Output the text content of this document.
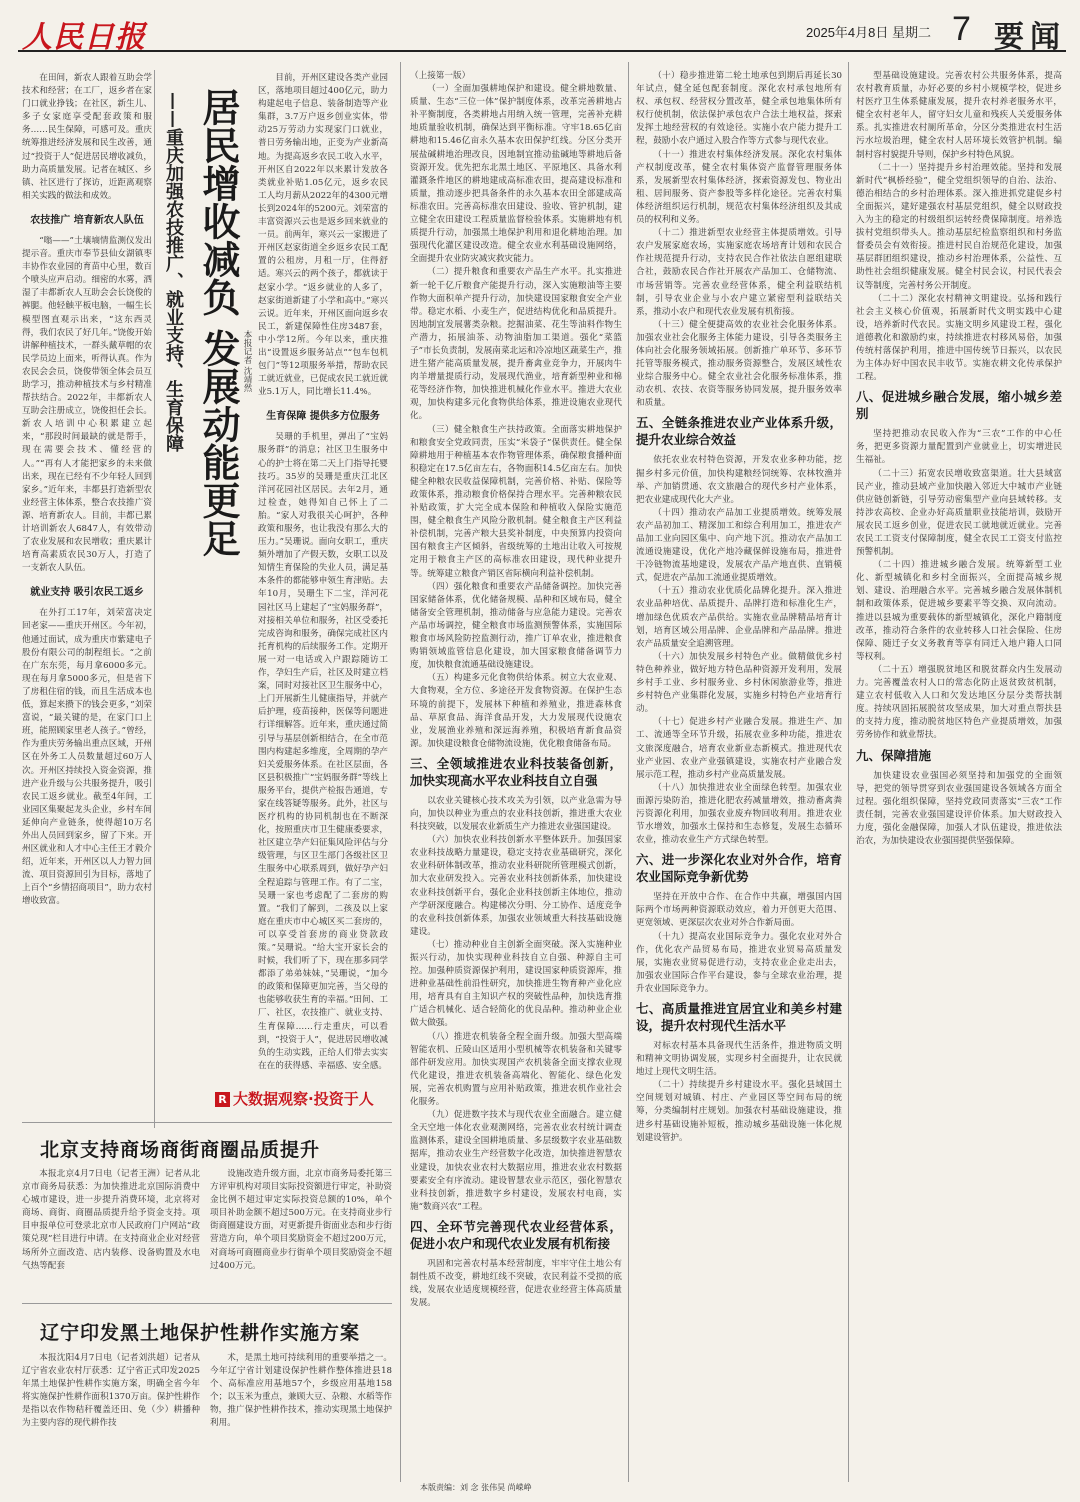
人民日报	2025年4月8日 星期二 7 要闻

在田间，新农人跟着互助会学技术和经营；在工厂，返乡者在家门口就业挣钱；在社区，新生儿、多子女家庭享受配套政策和服务……民生保障，可感可及。重庆统筹推进经济发展和民生改善，通过“投资于人”促进居民增收减负，助力高质量发展。记者在城区、乡镇、社区进行了探访，近距离观察相关实践的做法和成效。

农技推广 培育新农人队伍

“嗡——”土壤墒情监测仪发出提示音。重庆市奉节县仙女湖镇枣丰协作农业园的育苗中心里，数百个喷头应声启动。细密的水雾，洒湿了丰都新农人互助会会长饶俊的裤腿。他轻触平板电脑，一幅生长模型图直观示出来，“这东西灵得，我们农民了好几年。”饶俊开始讲解种植技术，一群头戴草帽的农民学员边上面来，听得认真。作为农民会会员，饶俊带领全体会员互助学习，推动种植技术与乡村精准帮扶结合。2022年，丰都新农人互助会注册成立，饶俊担任会长。新农人培训中心积累建立起来，“那段时间最缺的就是帮手，现在需要会技术、懂经营的人。”“再有人才能把家乡的未来做出来，现在已经有不少年轻人回到家乡。”近年来，丰都县打造新型农业经营主体体系，整合农技推广资源、培育新农人。目前，丰都已累计培训新农人6847人，有效带动了农业发展和农民增收；重庆累计培育高素质农民30万人，打造了一支新农人队伍。

就业支持 吸引农民工返乡

在外打工17年，刘荣富决定回老家——重庆开州区。今年初，他通过面试，成为重庆市紫建电子股份有限公司的制程组长。“之前在广东东莞，每月拿6000多元。现在每月拿5000多元，但是省下了房租住宿的钱，而且生活成本也低，算起来攒下的钱会更多，”刘荣富说，“最关键的是，在家门口上班，能照顾家里老人孩子。”曾经，作为重庆劳务输出重点区域，开州区在外务工人员数量超过60万人次。开州区持续投入资金资源，推进产业升级与公共服务提升，吸引农民工返乡就业。截至4年间，工业园区集聚起龙头企业，乡村车间延伸向产业链条，使得超10万名外出人员回到家乡，留了下来。开州区就业和人才中心主任王才毅介绍，近年来，开州区以人力智力回流、项目资源回引为目标，落地了上百个“乡情招商项目”，助力农村增收致富。

——重庆加强农技推广、就业支持、生育保障 居民增收减负 发展动能更足 本报记者 沈靖然

目前，开州区建设各类产业园区，落地项目超过400亿元，助力构建起电子信息、装备制造等产业集群，3.7万户返乡创业实体，带动25万劳动力实现家门口就业，普日劳务输出地，正变为产业新高地。为提高返乡农民工收入水平，开州区自2022年以来累计发放各类就业补贴1.05亿元，返乡农民工人均月薪从2022年的4300元增长到2024年的5200元。刘荣富的丰富资源兴云也是返乡回来就业的一员。前两年，寒兴云一家搬进了开州区赵家街道全乡返乡农民工配置的公租房，月租一厅，住得舒适。寒兴云的两个孩子，都就读于赵家小学。“返乡就业的人多了，赵家街道新建了小学和高中。”寒兴云说。近年来，开州区面向返乡农民工，新建保障性住房3487套，中小学12所。今年以来，重庆推出“设置返乡服务站点”“包车包机包门”等12项服务举措，帮助农民工就近就业，已促成农民工就近就业5.1万人，同比增长11.4%。

生育保障 提供多方位服务

吴珊的手机里，弹出了“宝妈服务群”的消息；社区卫生服务中心的护士将在第二天上门指导托婴技巧。35岁的吴珊是重庆江北区洋河花园社区居民。去年2月，通过检查，她得知自己怀上了二胎。“家人对我很关心呵护，各种政策和服务，也让我没有那么大的压力。”吴珊说。面向女职工，重庆频外增加了产假天数，女职工以及知情生育保险的失业人员，满足基本条件的都能够申领生育津贴。去年10月，吴珊生下二宝，洋河花园社区马上建起了“宝妈服务群”，对接相关单位和服务，社区受委托完成咨询和服务，确保完成社区内托育机构的后续服务工作。定期开展一对一电话或入户跟踪随访工作，孕妇生产后，社区及时建立档案，同时对接社区卫生服务中心，上门开展新生儿健康指导，并就产后护理，疫苗接种，医保等问题进行详细解答。近年来，重庆通过简引导与基层创新相结合，在全市范围内构建起多维度，全周期的孕产妇关爱服务体系。在社区层面，各区县积极推广“宝妈服务群”等线上服务平台，提供产检报告通道，专家在线答疑等服务。此外，社区与医疗机构的协同机制也在不断深化，按照重庆市卫生健康委要求，社区建立孕产妇征集风险评估与分级管理，与区卫生部门各级社区卫生服务中心联系周到，做好孕产妇全程追踪与管理工作。有了二宝，吴珊一家也考虑配了二套房的购置。“我们了解到，二孩及以上家庭在重庆市中心城区买二套房的，可以享受首套房的商业贷款政策。”吴珊说。“给大宝开家长会的时候，我们听了下，现在那多同学都添了弟弟妹妹，”吴珊说，“加今的政策和保障更加完善，当父母的也能够收获生育的幸福。”田间、工厂、社区，农技推广、就业支持、生育保障……行走重庆，可以看到，“投资于人”，促进居民增收减负的生动实践，正给人们带去实实在在的获得感、幸福感、安全感。

R 大数据观察·投资于人

（上接第一版）

（一）全面加强耕地保护和建设。健全耕地数量、质量、生态“三位一体”保护制度体系，改革完善耕地占补平衡制度，各类耕地占用纳入统一管理，完善补充耕地质量验收机制，确保达到平衡标准。守牢18.65亿亩耕地和15.46亿亩永久基本农田保护红线。分区分类开展盐碱耕地治理改良，因地制宜推动盐碱地等耕地后备资源开发。优先把东北黑土地区、平原地区、具备水利灌溉条件地区的耕地建成高标准农田，提高建设标准和质量，推动逐步把具备条件的永久基本农田全部建成高标准农田。完善高标准农田建设、验收、管护机制，建立健全农田建设工程质量监督检验体系。实施耕地有机质提升行动，加强黑土地保护利用和退化耕地治理。加强现代化灌区建设改造。健全农业水利基础设施网络，全面提升农业防灾减灾救灾能力。

（二）提升粮食和重要农产品生产水平。扎实推进新一轮千亿斤粮食产能提升行动，深入实施粮油等主要作物大面积单产提升行动，加快建设国家粮食安全产业带。稳定水稻、小麦生产，促进结构优化和品质提升。因地制宜发展薯类杂粮。挖掘油菜、花生等油料作物生产潜力，拓展油茶、动物油脂加工渠道。强化“菜篮子”市长负责制，发展南菜北运和冷凉地区蔬菜生产，推进生猪产能高质量发展，提升畜禽业竞争力，开展肉牛肉羊增量提质行动，发展现代渔业，培育新型种业和棉花等经济作物，加快推进机械化作业水平。推进大农业观，加快构建多元化食物供给体系，推进设施农业现代化。

（三）健全粮食生产扶持政策。全面落实耕地保护和粮食安全党政同责，压实“米袋子”保供责任。健全保障耕地用于种植基本农作物管理体系，确保粮食播种面积稳定在17.5亿亩左右，各物面积14.5亿亩左右。加快健全种粮农民收益保障机制，完善价格、补贴、保险等政策体系，推动粮食价格保持合理水平。完善种粮农民补贴政策，扩大完全成本保险和种植收入保险实施范围，健全粮食生产风险分散机制。健全粮食主产区利益补偿机制，完善产粮大县奖补制度，中央预算内投资向国有粮食主产区倾斜，省级统筹的土地出让收入可按规定用于粮食主产区的高标准农田建设，现代种业提升等。统筹建立粮食产销区省际横向利益补偿机制。

（四）强化粮食和重要农产品储备调控。加快完善国家储备体系，优化储备规模、品种和区域布局，健全储备安全管理机制，推动储备与应急能力建设。完善农产品市场调控，健全粮食市场监测预警体系，实施国际粮食市场风险防控监测行动，推广订单农业，推进粮食购销领域监管信息化建设，加大国家粮食储备调节力度，加快粮食流通基础设施建设。

（五）构建多元化食物供给体系。树立大农业观、大食物观，全方位、多途径开发食物资源。在保护生态环境的前提下，发展林下种植和养殖业，推进森林食品、草原食品、海洋食品开发，大力发展现代设施农业，发展渔业养殖和深远海养殖，积极培育新食品资源。加快建设粮食仓储物流设施，优化粮食储备布局。

三、全领域推进农业科技装备创新，加快实现高水平农业科技自立自强

以农业关键核心技术攻关为引领，以产业急需为导向，加快以种业为重点的农业科技创新，推进重大农业科技突破，以发展农业新质生产力推进农业强国建设。

（六）加快农业科技创新水平整体跃升。加强国家农业科技战略力量建设，稳定支持农业基础研究，深化农业科研体制改革，推动农业科研院所管理模式创新，加大农业研发投入。完善农业科技创新体系，加快建设农业科技创新平台，强化企业科技创新主体地位，推动产学研深度融合。构建梯次分明、分工协作、适度竞争的农业科技创新体系，加强农业领域重大科技基础设施建设。

（七）推动种业自主创新全面突破。深入实施种业振兴行动，加快实现种业科技自立自强、种源自主可控。加强种质资源保护利用，建设国家种质资源库，推进种业基础性前沿性研究，加快推进生物育种产业化应用，培育具有自主知识产权的突破性品种，加快选育推广适合机械化、适合轻简化的优良品种。推动种业企业做大做强。

（八）推进农机装备全程全面升级。加强大型高端智能农机、丘陵山区适用小型机械等农机装备和关键零部件研发应用。加快实现国产农机装备全面支撑农业现代化建设，推进农机装备高端化、智能化、绿色化发展，完善农机购置与应用补贴政策，推进农机作业社会化服务。

（九）促进数字技术与现代农业全面融合。建立健全天空地一体化农业观测网络，完善农业农村统计调查监测体系，建设全国耕地质量、多层级数字农业基础数据库，推动农业生产经营数字化改造，加快推进智慧农业建设，加快农业农村大数据应用，推进农业农村数据要素安全有序流动。建设智慧农业示范区，强化智慧农业科技创新，推进数字乡村建设，发展农村电商，实施“数商兴农”工程。

四、全环节完善现代农业经营体系，促进小农户和现代农业发展有机衔接

巩固和完善农村基本经营制度，牢牢守住土地公有制性质不改变，耕地红线不突破，农民利益不受损的底线，发展农业适度规模经营，促进农业经营主体高质量发展。

（十）稳步推进第二轮土地承包到期后再延长30年试点，健全延包配套制度。深化农村承包地所有权、承包权、经营权分置改革，健全承包地集体所有权行使机制，依法保护承包农户合法土地权益，探索发挥土地经营权的有效途径。实施小农户能力提升工程，鼓励小农户通过入股合作等方式参与现代农业。

（十一）推进农村集体经济发展。深化农村集体产权制度改革，健全农村集体资产监督管理服务体系，发展新型农村集体经济，探索资源发包、物业出租、居间服务、资产参股等多样化途径。完善农村集体经济组织运行机制，规范农村集体经济组织及其成员的权利和义务。

（十二）推进新型农业经营主体提质增效。引导农户发展家庭农场，实施家庭农场培育计划和农民合作社规范提升行动，支持农民合作社依法自愿组建联合社，鼓励农民合作社开展农产品加工、仓储物流、市场营销等。完善农业经营体系，健全利益联结机制，引导农业企业与小农户建立紧密型利益联结关系，推动小农户和现代农业发展有机衔接。

（十三）健全便捷高效的农业社会化服务体系。加强农业社会化服务主体能力建设，引导各类服务主体向社会化服务领域拓展。创新推广单环节、多环节托管等服务模式，推动服务资源整合，发展区域性农业综合服务中心。健全农业社会化服务标准体系，推动农机、农技、农资等服务协同发展，提升服务效率和质量。

五、全链条推进农业产业体系升级，提升农业综合效益

依托农业农村特色资源，开发农业多种功能，挖掘乡村多元价值，加快构建粮经饲统筹、农林牧渔并举、产加销贯通、农文旅融合的现代乡村产业体系，把农业建成现代化大产业。

（十四）推动农产品加工业提质增效。统筹发展农产品初加工、精深加工和综合利用加工，推进农产品加工业向园区集中、向产地下沉。推动农产品加工流通设施建设，优化产地冷藏保鲜设施布局，推进骨干冷链物流基地建设，发展农产品产地直供、直销模式，促进农产品加工流通业提质增效。

（十五）推动农业优质化品牌化提升。深入推进农业品种培优、品质提升、品牌打造和标准化生产，增加绿色优质农产品供给。实施农业品牌精品培育计划，培育区域公用品牌、企业品牌和产品品牌。推进农产品质量安全追溯管理。

（十六）加快发展乡村特色产业。做精做优乡村特色种养业，做好地方特色品种资源开发利用，发展乡村手工业、乡村服务业、乡村休闲旅游业等，推进乡村特色产业集群化发展，实施乡村特色产业培育行动。

（十七）促进乡村产业融合发展。推进生产、加工、流通等全环节升级，拓展农业多种功能，推进农文旅深度融合，培育农业新业态新模式。推进现代农业产业园、农业产业强镇建设，实施农村产业融合发展示范工程，推动乡村产业高质量发展。

（十八）加快推进农业全面绿色转型。加强农业面源污染防治，推进化肥农药减量增效，推动畜禽粪污资源化利用，加强农业废弃物回收利用。推进农业节水增效，加强水土保持和生态修复，发展生态循环农业，推动农业生产方式绿色转型。

六、进一步深化农业对外合作，培育农业国际竞争新优势

坚持在开放中合作、在合作中共赢，增强国内国际两个市场两种资源联动效应，着力开创更大范围、更宽领域、更深层次农业对外合作新局面。

（十九）提高农业国际竞争力。强化农业对外合作，优化农产品贸易布局，推进农业贸易高质量发展，实施农业贸易促进行动，支持农业企业走出去，加强农业国际合作平台建设，参与全球农业治理，提升农业国际竞争力。

七、高质量推进宜居宜业和美乡村建设，提升农村现代生活水平

对标农村基本具备现代生活条件，推进物质文明和精神文明协调发展，实现乡村全面提升，让农民就地过上现代文明生活。

（二十）持续提升乡村建设水平。强化县域国土空间规划对城镇、村庄、产业园区等空间布局的统筹，分类编制村庄规划。加强农村基础设施建设，推进乡村基础设施补短板，推动城乡基础设施一体化规划建设管护。

型基础设施建设。完善农村公共服务体系，提高农村教育质量，办好必要的乡村小规模学校，促进乡村医疗卫生体系健康发展，提升农村养老服务水平，健全农村老年人，留守妇女儿童和残疾人关爱服务体系。扎实推进农村厕所革命，分区分类推进农村生活污水垃圾治理，健全农村人居环境长效管护机制。编制村容村貌提升导则，保护乡村特色风貌。

（二十一）坚持提升乡村治理效能。坚持和发展新时代“枫桥经验”，健全党组织领导的自治、法治、德治相结合的乡村治理体系。深入推进抓党建促乡村全面振兴，建好建强农村基层党组织，健全以财政投入为主的稳定的村级组织运转经费保障制度。培养选拔村党组织带头人。推动基层纪检监察组织和村务监督委员会有效衔接。推进村民自治规范化建设，加强基层群团组织建设，推动乡村治理体系，公益性、互助性社会组织健康发展。健全村民会议，村民代表会议等制度，完善村务公开制度。

（二十二）深化农村精神文明建设。弘扬和践行社会主义核心价值观，拓展新时代文明实践中心建设，培养新时代农民。实施文明乡风建设工程，强化道德教化和激励约束，持续推进农村移风易俗，加强传统村落保护利用，推进中国传统节日振兴，以农民为主体办好中国农民丰收节。实施农耕文化传承保护工程。

八、促进城乡融合发展，缩小城乡差别

坚持把推动农民收入作为“三农”工作的中心任务，把更多资源力量配置到产业就业上，切实增进民生福祉。

（二十三）拓宽农民增收致富渠道。壮大县域富民产业，推动县域产业加快融入邻近大中城市产业链供应链创新链，引导劳动密集型产业向县域转移。支持涉农高校、企业办好高质量职业技能培训，鼓励开展农民工返乡创业，促进农民工就地就近就业。完善农民工工资支付保障制度，健全农民工工资支付监控预警机制。

（二十四）推进城乡融合发展。统筹新型工业化、新型城镇化和乡村全面振兴，全面提高城乡规划、建设、治理融合水平。完善城乡融合发展体制机制和政策体系，促进城乡要素平等交换、双向流动。推进以县城为重要载体的新型城镇化，深化户籍制度改革，推动符合条件的农业转移人口社会保险、住房保障、随迁子女义务教育等享有同迁入地户籍人口同等权利。

（二十五）增强脱贫地区和脱贫群众内生发展动力。完善覆盖农村人口的常态化防止返贫致贫机制，建立农村低收入人口和欠发达地区分层分类帮扶制度。持续巩固拓展脱贫攻坚成果，加大对重点帮扶县的支持力度，推动脱贫地区特色产业提质增效，加强劳务协作和就业帮扶。

九、保障措施

加快建设农业强国必须坚持和加强党的全面领导，把党的领导贯穿到农业强国建设各领域各方面全过程。强化组织保障，坚持党政同责落实“三农”工作责任制，完善农业强国建设评价体系。加大财政投入力度，强化金融保障，加强人才队伍建设，推进依法治农，为加快建设农业强国提供坚强保障。

北京支持商场商街商圈品质提升

本报北京4月7日电（记者王洲）记者从北京市商务局获悉：为加快推进北京国际消费中心城市建设，进一步提升消费环境，北京将对商场、商街、商圈品质提升给予资金支持。项目申报单位可登录北京市人民政府门户网站“政策兑现”栏目进行申请。在支持商业企业对经营场所外立面改造、店内装修、设备购置及水电气热等配套

设施改造升级方面，北京市商务局委托第三方评审机构对项目实际投资额进行审定，补助资金比例不超过审定实际投资总额的10%，单个项目补助金额不超过500万元。在支持商业步行街商圈建设方面，对更新提升街面业态和步行街营造方向，单个项目奖励资金不超过200万元，对商场可商圈商业步行街单个项目奖励资金不超过400万元。

辽宁印发黑土地保护性耕作实施方案

本报沈阳4月7日电（记者刘洪超）记者从辽宁省农业农村厅获悉：辽宁省正式印发2025年黑土地保护性耕作实施方案，明确全省今年将实施保护性耕作面积1370万亩。保护性耕作是指以农作物秸秆覆盖还田、免（少）耕播种为主要内容的现代耕作技

术，是黑土地可持续利用的重要举措之一。今年辽宁省计划建设保护性耕作整体推进县18个、高标准应用基地57个，乡级应用基地158个；以玉米为重点，兼顾大豆、杂粮、水稻等作物，推广保护性耕作技术，推动实现黑土地保护利用。

本版责编：刘 念 张伟昊 尚嵘峥
